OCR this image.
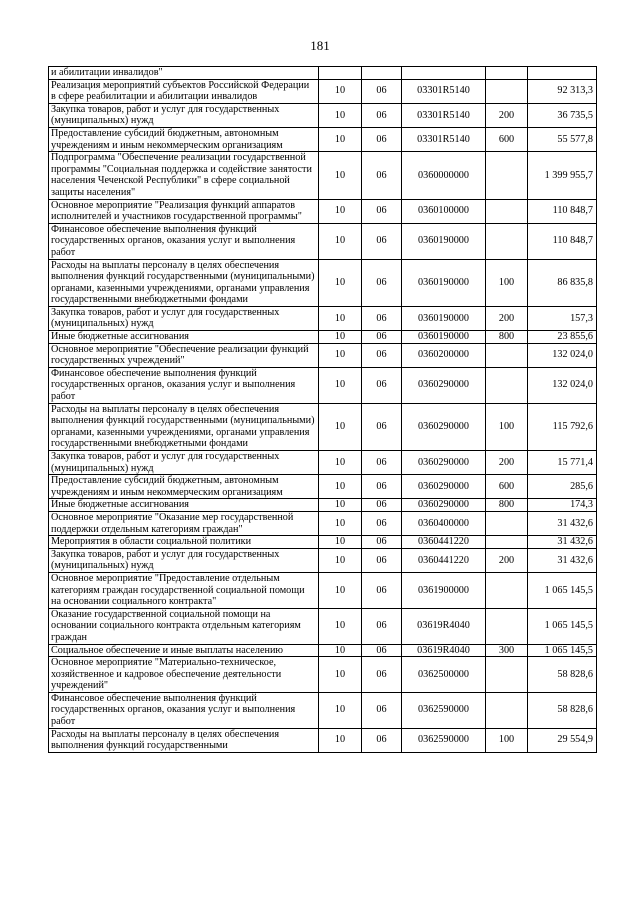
181
и абилитации инвалидов"					
Реализация мероприятий субъектов Российской Федерации в сфере реабилитации и абилитации инвалидов	10	06	03301R5140		92 313,3
Закупка товаров, работ и услуг для государственных (муниципальных) нужд	10	06	03301R5140	200	36 735,5
Предоставление субсидий бюджетным, автономным учреждениям и иным некоммерческим организациям	10	06	03301R5140	600	55 577,8
Подпрограмма "Обеспечение реализации государственной программы "Социальная поддержка и содействие занятости населения Чеченской Республики" в сфере социальной защиты населения"	10	06	0360000000		1 399 955,7
Основное мероприятие "Реализация функций аппаратов исполнителей и участников государственной программы"	10	06	0360100000		110 848,7
Финансовое обеспечение выполнения функций государственных органов, оказания услуг и выполнения работ	10	06	0360190000		110 848,7
Расходы на выплаты персоналу в целях обеспечения выполнения функций государственными (муниципальными) органами, казенными учреждениями, органами управления государственными внебюджетными фондами	10	06	0360190000	100	86 835,8
Закупка товаров, работ и услуг для государственных (муниципальных) нужд	10	06	0360190000	200	157,3
Иные бюджетные ассигнования	10	06	0360190000	800	23 855,6
Основное мероприятие "Обеспечение реализации функций государственных учреждений"	10	06	0360200000		132 024,0
Финансовое обеспечение выполнения функций государственных органов, оказания услуг и выполнения работ	10	06	0360290000		132 024,0
Расходы на выплаты персоналу в целях обеспечения выполнения функций государственными (муниципальными) органами, казенными учреждениями, органами управления государственными внебюджетными фондами	10	06	0360290000	100	115 792,6
Закупка товаров, работ и услуг для государственных (муниципальных) нужд	10	06	0360290000	200	15 771,4
Предоставление субсидий бюджетным, автономным учреждениям и иным некоммерческим организациям	10	06	0360290000	600	285,6
Иные бюджетные ассигнования	10	06	0360290000	800	174,3
Основное мероприятие "Оказание мер государственной поддержки отдельным категориям граждан"	10	06	0360400000		31 432,6
Мероприятия в области социальной политики	10	06	0360441220		31 432,6
Закупка товаров, работ и услуг для государственных (муниципальных) нужд	10	06	0360441220	200	31 432,6
Основное мероприятие "Предоставление отдельным категориям граждан государственной социальной помощи на основании социального контракта"	10	06	0361900000		1 065 145,5
Оказание государственной социальной помощи на основании социального контракта отдельным категориям граждан	10	06	03619R4040		1 065 145,5
Социальное обеспечение и иные выплаты населению	10	06	03619R4040	300	1 065 145,5
Основное мероприятие "Материально-техническое, хозяйственное и кадровое обеспечение деятельности учреждений"	10	06	0362500000		58 828,6
Финансовое обеспечение выполнения функций государственных органов, оказания услуг и выполнения работ	10	06	0362590000		58 828,6
Расходы на выплаты персоналу в целях обеспечения выполнения функций государственными	10	06	0362590000	100	29 554,9
